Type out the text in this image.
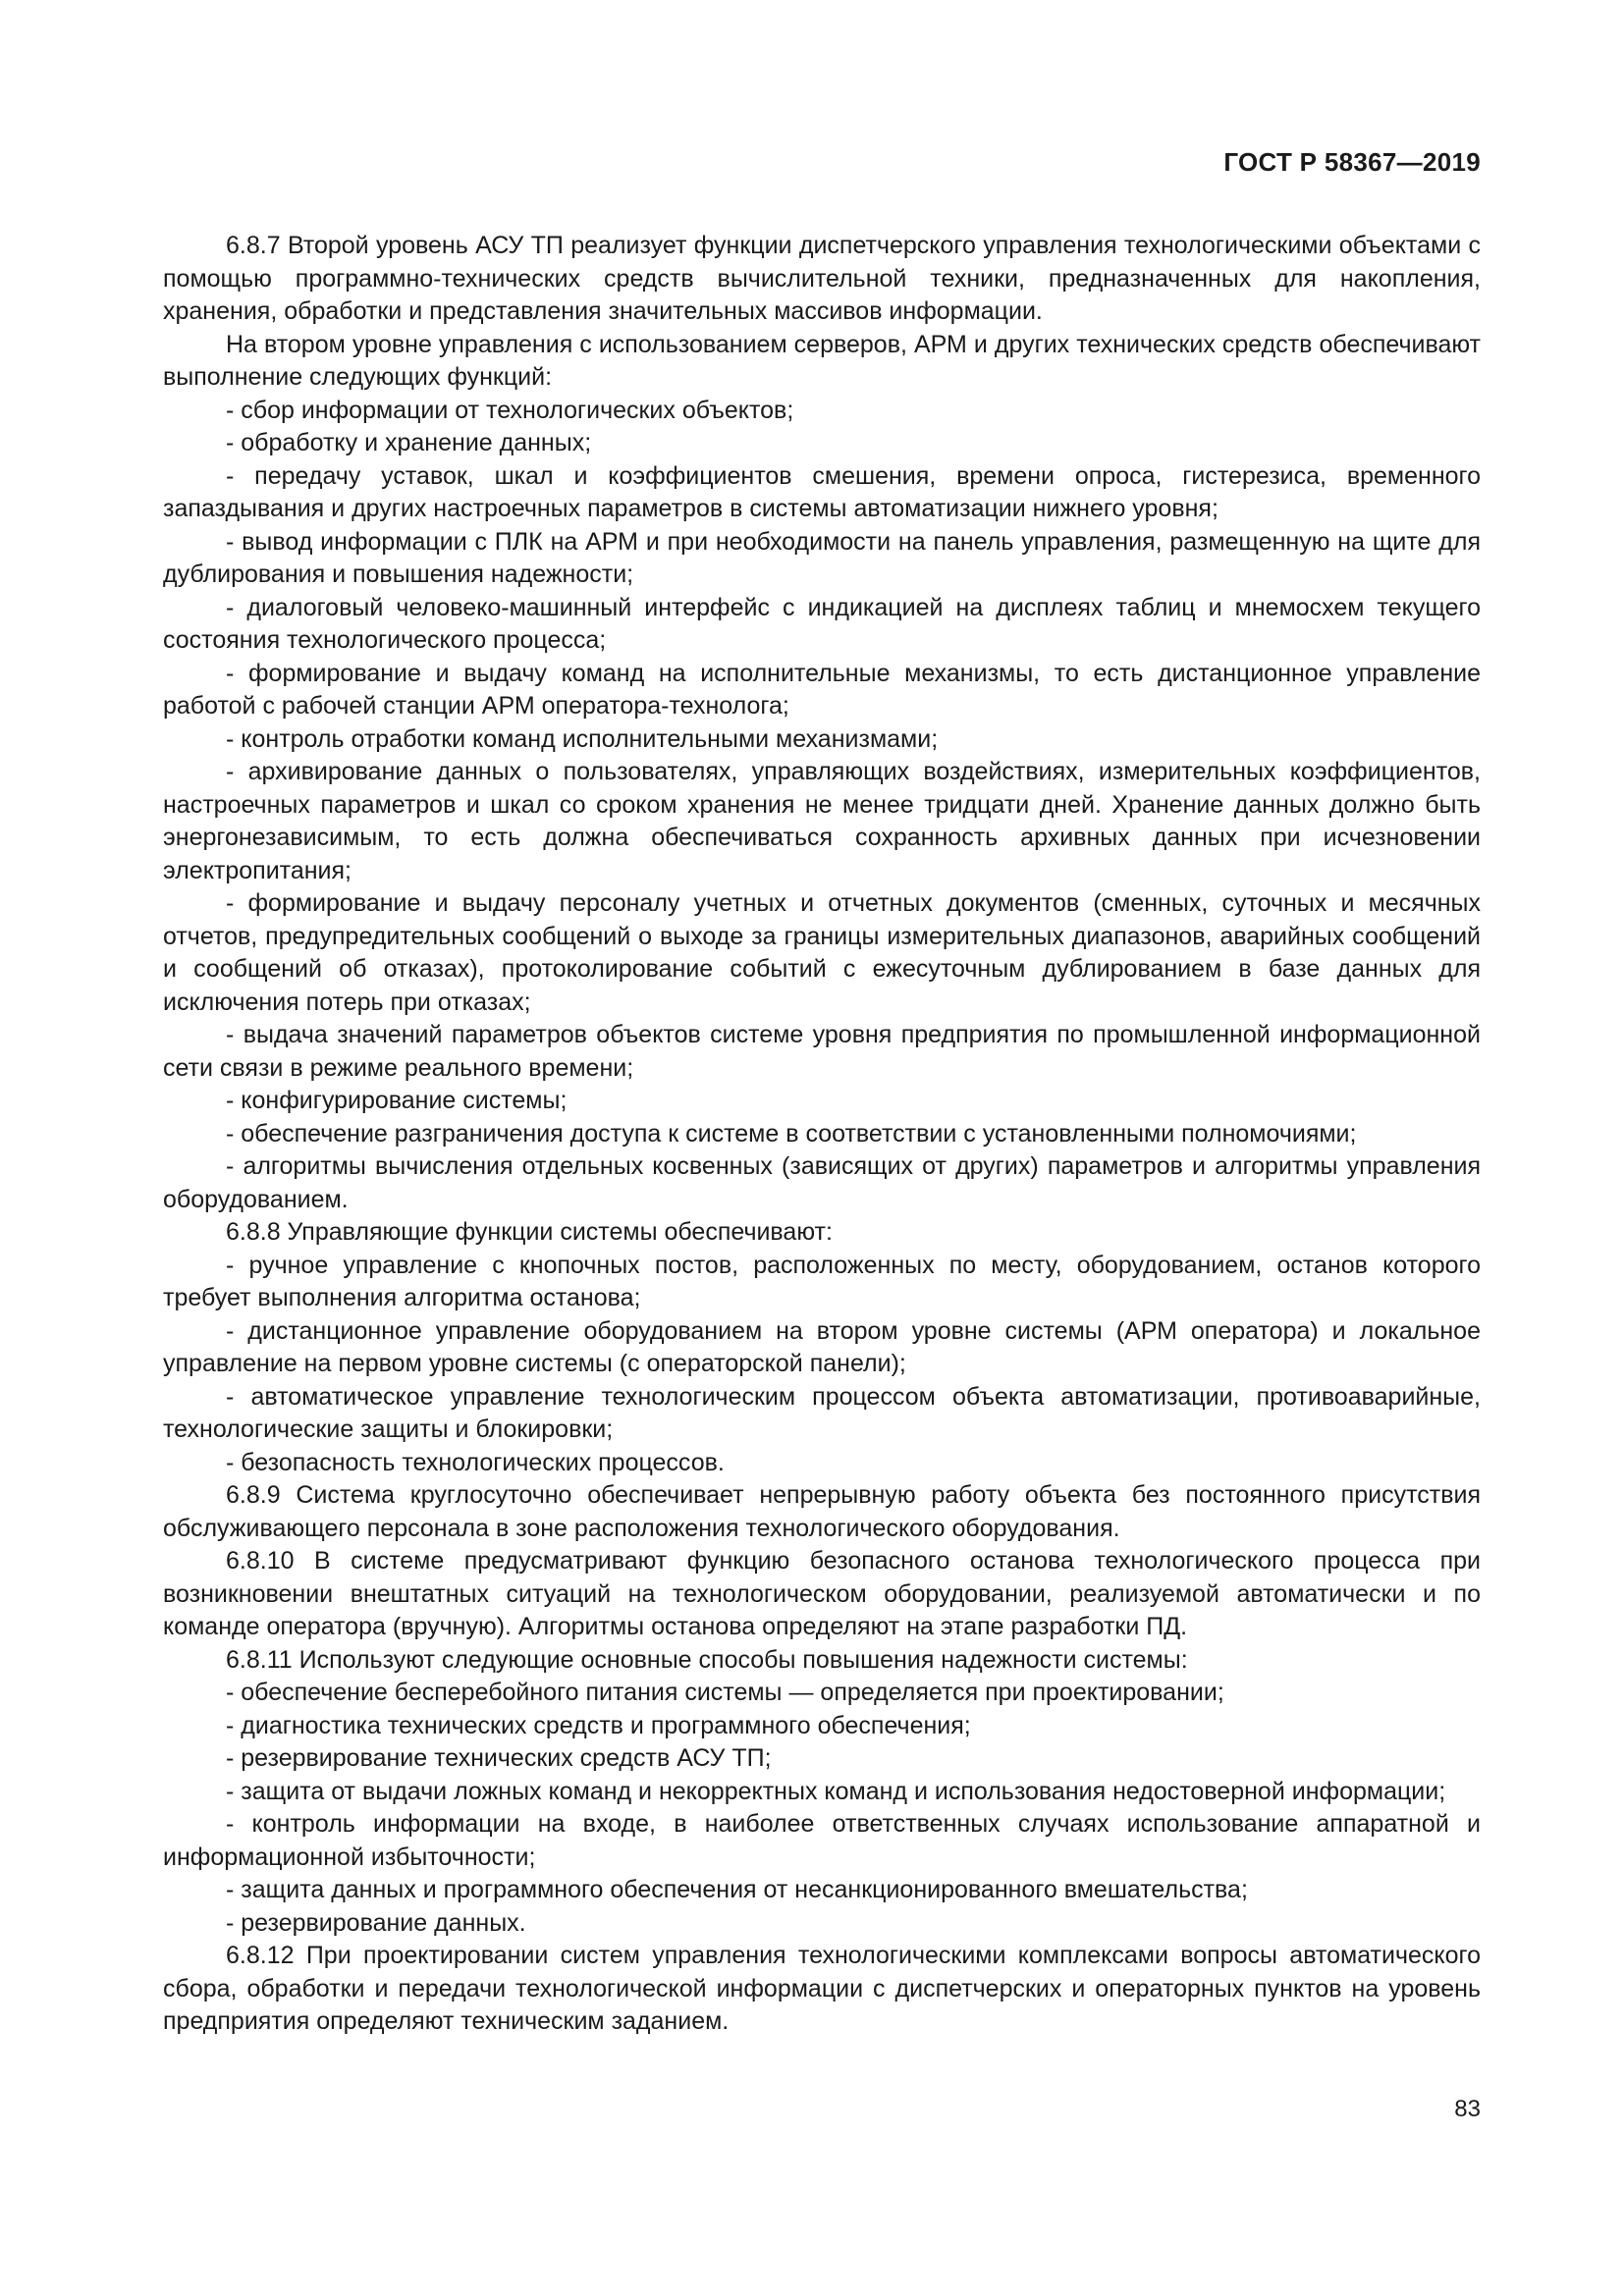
ГОСТ Р 58367—2019

6.8.7 Второй уровень АСУ ТП реализует функции диспетчерского управления технологическими объектами с помощью программно-технических средств вычислительной техники, предназначенных для накопления, хранения, обработки и представления значительных массивов информации.

На втором уровне управления с использованием серверов, АРМ и других технических средств обеспечивают выполнение следующих функций:

- сбор информации от технологических объектов;

- обработку и хранение данных;

- передачу уставок, шкал и коэффициентов смешения, времени опроса, гистерезиса, временного запаздывания и других настроечных параметров в системы автоматизации нижнего уровня;

- вывод информации с ПЛК на АРМ и при необходимости на панель управления, размещенную на щите для дублирования и повышения надежности;

- диалоговый человеко-машинный интерфейс с индикацией на дисплеях таблиц и мнемосхем текущего состояния технологического процесса;

- формирование и выдачу команд на исполнительные механизмы, то есть дистанционное управление работой с рабочей станции АРМ оператора-технолога;

- контроль отработки команд исполнительными механизмами;

- архивирование данных о пользователях, управляющих воздействиях, измерительных коэффициентов, настроечных параметров и шкал со сроком хранения не менее тридцати дней. Хранение данных должно быть энергонезависимым, то есть должна обеспечиваться сохранность архивных данных при исчезновении электропитания;

- формирование и выдачу персоналу учетных и отчетных документов (сменных, суточных и месячных отчетов, предупредительных сообщений о выходе за границы измерительных диапазонов, аварийных сообщений и сообщений об отказах), протоколирование событий с ежесуточным дублированием в базе данных для исключения потерь при отказах;

- выдача значений параметров объектов системе уровня предприятия по промышленной информационной сети связи в режиме реального времени;

- конфигурирование системы;

- обеспечение разграничения доступа к системе в соответствии с установленными полномочиями;

- алгоритмы вычисления отдельных косвенных (зависящих от других) параметров и алгоритмы управления оборудованием.

6.8.8 Управляющие функции системы обеспечивают:

- ручное управление с кнопочных постов, расположенных по месту, оборудованием, останов которого требует выполнения алгоритма останова;

- дистанционное управление оборудованием на втором уровне системы (АРМ оператора) и локальное управление на первом уровне системы (с операторской панели);

- автоматическое управление технологическим процессом объекта автоматизации, противоаварийные, технологические защиты и блокировки;

- безопасность технологических процессов.

6.8.9 Система круглосуточно обеспечивает непрерывную работу объекта без постоянного присутствия обслуживающего персонала в зоне расположения технологического оборудования.

6.8.10 В системе предусматривают функцию безопасного останова технологического процесса при возникновении внештатных ситуаций на технологическом оборудовании, реализуемой автоматически и по команде оператора (вручную). Алгоритмы останова определяют на этапе разработки ПД.

6.8.11 Используют следующие основные способы повышения надежности системы:

- обеспечение бесперебойного питания системы — определяется при проектировании;

- диагностика технических средств и программного обеспечения;

- резервирование технических средств АСУ ТП;

- защита от выдачи ложных команд и некорректных команд и использования недостоверной информации;

- контроль информации на входе, в наиболее ответственных случаях использование аппаратной и информационной избыточности;

- защита данных и программного обеспечения от несанкционированного вмешательства;

- резервирование данных.

6.8.12 При проектировании систем управления технологическими комплексами вопросы автоматического сбора, обработки и передачи технологической информации с диспетчерских и операторных пунктов на уровень предприятия определяют техническим заданием.

83
